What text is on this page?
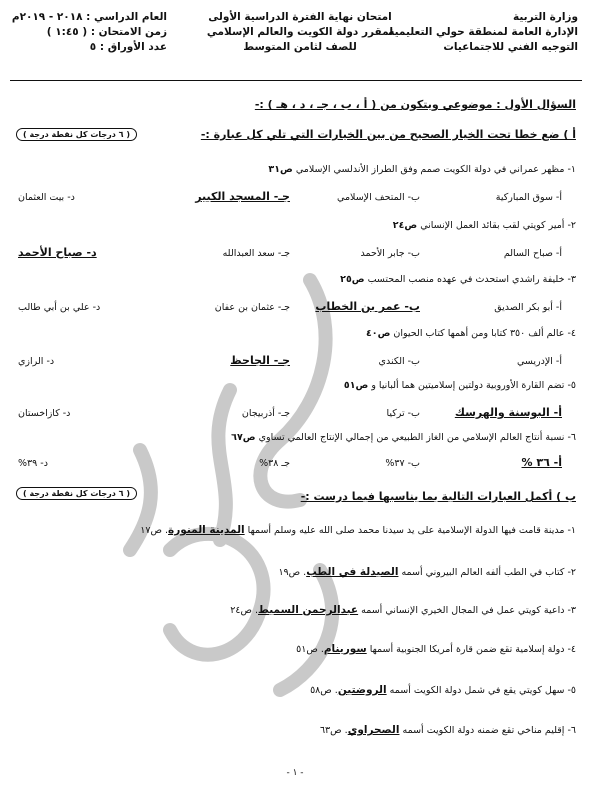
وزارة التربية
الإدارة العامة لمنطقة حولي التعليمية
التوجيه الفني للاجتماعيات
امتحان نهاية الفترة الدراسية الأولى
لمقرر دولة الكويت والعالم الإسلامي
للصف لثامن المتوسط
العام الدراسي : ٢٠١٨ - ٢٠١٩م
زمن الامتحان : ( ١:٤٥ )
عدد الأوراق : ٥
السؤال الأول : موضوعي ويتكون من ( أ ، ب ، جـ ، د ، هـ ) :-
أ ) ضع خطا تحت الخيار الصحيح من بين الخيارات التي تلي كل عبارة :-
( ٦ درجات كل نقطة درجة )
١- مظهر عمراني في دولة الكويت صمم وفق الطراز الأندلسي الإسلامي ص٣١
أ- سوق المباركية
ب- المتحف الإسلامي
جـ- المسجد الكبير
د- بيت العثمان
٢- أمير كويتي لقب بقائد العمل الإنساني ص٢٤
أ- صباح السالم
ب- جابر الأحمد
جـ- سعد العبدالله
د- صباح الأحمد
٣- خليفة راشدي استحدث في عهده منصب المحتسب ص٢٥
أ- أبو بكر الصديق
ب- عمر بن الخطاب
جـ- عثمان بن عفان
د- علي بن أبي طالب
٤- عالم ألف ٣٥٠ كتابا ومن أهمها كتاب الحيوان ص٤٠
أ- الإدريسي
ب- الكندي
جـ- الجاحظ
د- الرازي
٥- تضم القارة الأوروبية دولتين إسلاميتين هما ألبانيا و ص٥١
أ- البوسنة والهرسك
ب- تركيا
جـ- أذربيجان
د- كازاخستان
٦- نسبة أنتاج العالم الإسلامي من الغاز الطبيعي من إجمالي الإنتاج العالمي تساوي ص٦٧
أ- ٣٦ %
ب- ٣٧%
جـ ٣٨%
د- ٣٩%
ب ) أكمل العبارات التالية بما يناسبها فيما درست :-
( ٦ درجات كل نقطة درجة )
١- مدينة قامت فيها الدولة الإسلامية على يد سيدنا محمد صلى الله عليه وسلم أسمها المدينة المنورة. ص١٧
٢- كتاب في الطب ألفه العالم البيروني أسمه الصيدلة في الطب. ص١٩
٣- داعية كويتي عمل في المجال الخيري الإنساني أسمه عبدالرحمن السميط. ص٢٤
٤- دولة إسلامية تقع ضمن قارة أمريكا الجنوبية أسمها سورينام. ص٥١
٥- سهل كويتي يقع في شمل دولة الكويت أسمه الروضتين. ص٥٨
٦- إقليم مناخي تقع ضمنه دولة الكويت أسمه الصحراوي. ص٦٣
- ١ -
